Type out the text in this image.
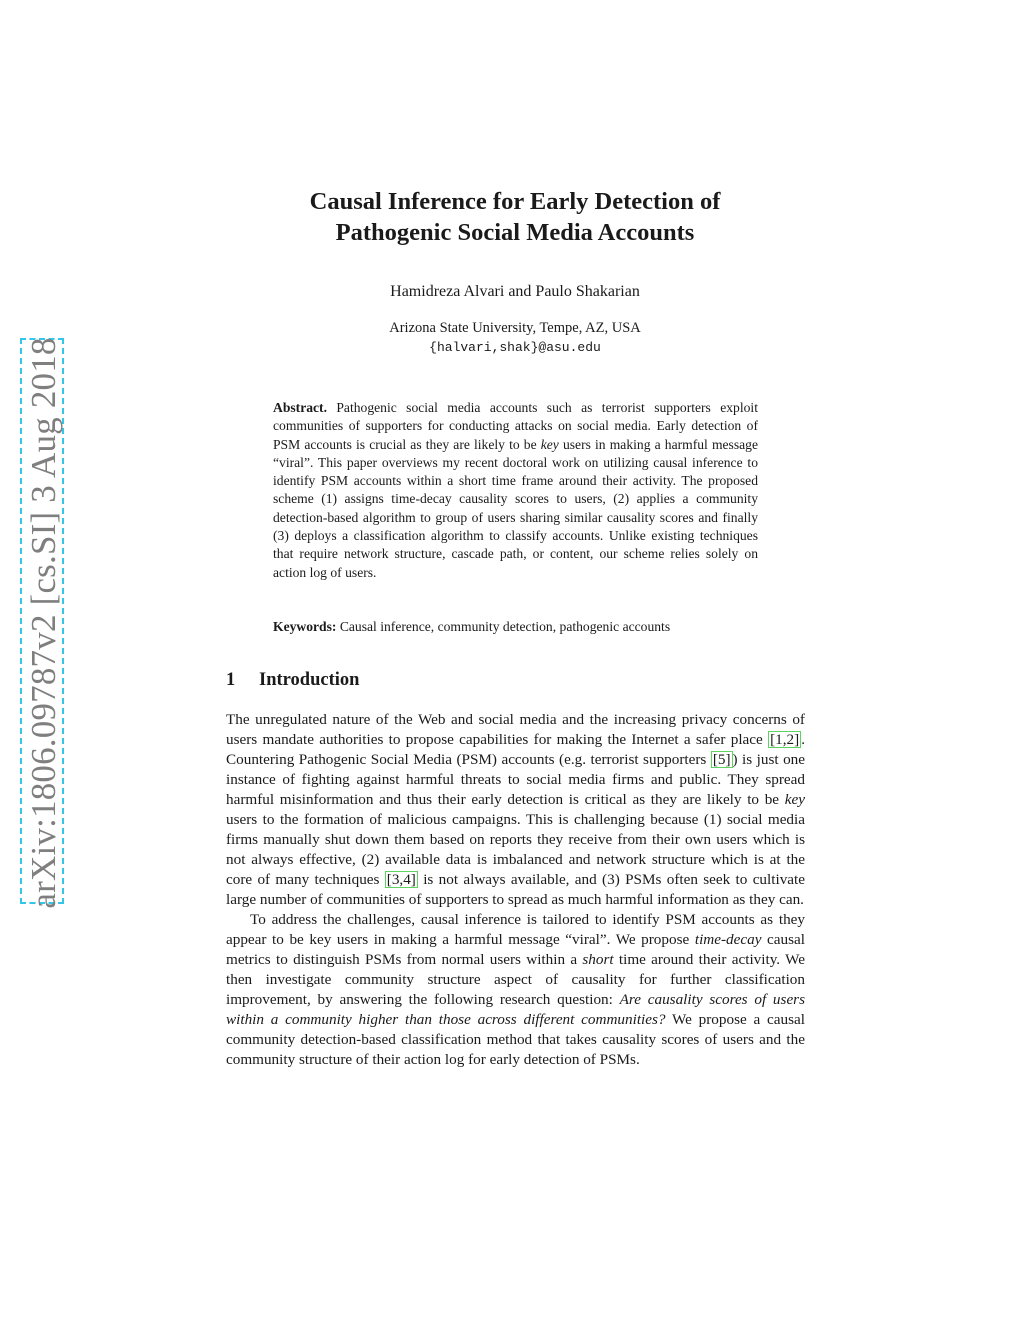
arXiv:1806.09787v2 [cs.SI] 3 Aug 2018
Causal Inference for Early Detection of
Pathogenic Social Media Accounts
Hamidreza Alvari and Paulo Shakarian
Arizona State University, Tempe, AZ, USA
{halvari,shak}@asu.edu
Abstract. Pathogenic social media accounts such as terrorist supporters exploit communities of supporters for conducting attacks on social media. Early detection of PSM accounts is crucial as they are likely to be key users in making a harmful message “viral”. This paper overviews my recent doctoral work on utilizing causal inference to identify PSM accounts within a short time frame around their activity. The proposed scheme (1) assigns time-decay causality scores to users, (2) applies a community detection-based algorithm to group of users sharing similar causality scores and finally (3) deploys a classification algorithm to classify accounts. Unlike existing techniques that require network structure, cascade path, or content, our scheme relies solely on action log of users.
Keywords: Causal inference, community detection, pathogenic accounts
1 Introduction

The unregulated nature of the Web and social media and the increasing privacy concerns of users mandate authorities to propose capabilities for making the Internet a safer place [1,2] . Countering Pathogenic Social Media (PSM) accounts (e.g. terrorist supporters [5] ) is just one instance of fighting against harmful threats to social media firms and public. They spread harmful misinformation and thus their early detection is critical as they are likely to be key users to the formation of malicious campaigns. This is challenging because (1) social media firms manually shut down them based on reports they receive from their own users which is not always effective, (2) available data is imbalanced and network structure which is at the core of many techniques [3,4] is not always available, and (3) PSMs often seek to cultivate large number of communities of supporters to spread as much harmful information as they can.

To address the challenges, causal inference is tailored to identify PSM accounts as they appear to be key users in making a harmful message “viral”. We propose time-decay causal metrics to distinguish PSMs from normal users within a short time around their activity. We then investigate community structure aspect of causality for further classification improvement, by answering the following research question: Are causality scores of users within a community higher than those across different communities? We propose a causal community detection-based classification method that takes causality scores of users and the community structure of their action log for early detection of PSMs.
